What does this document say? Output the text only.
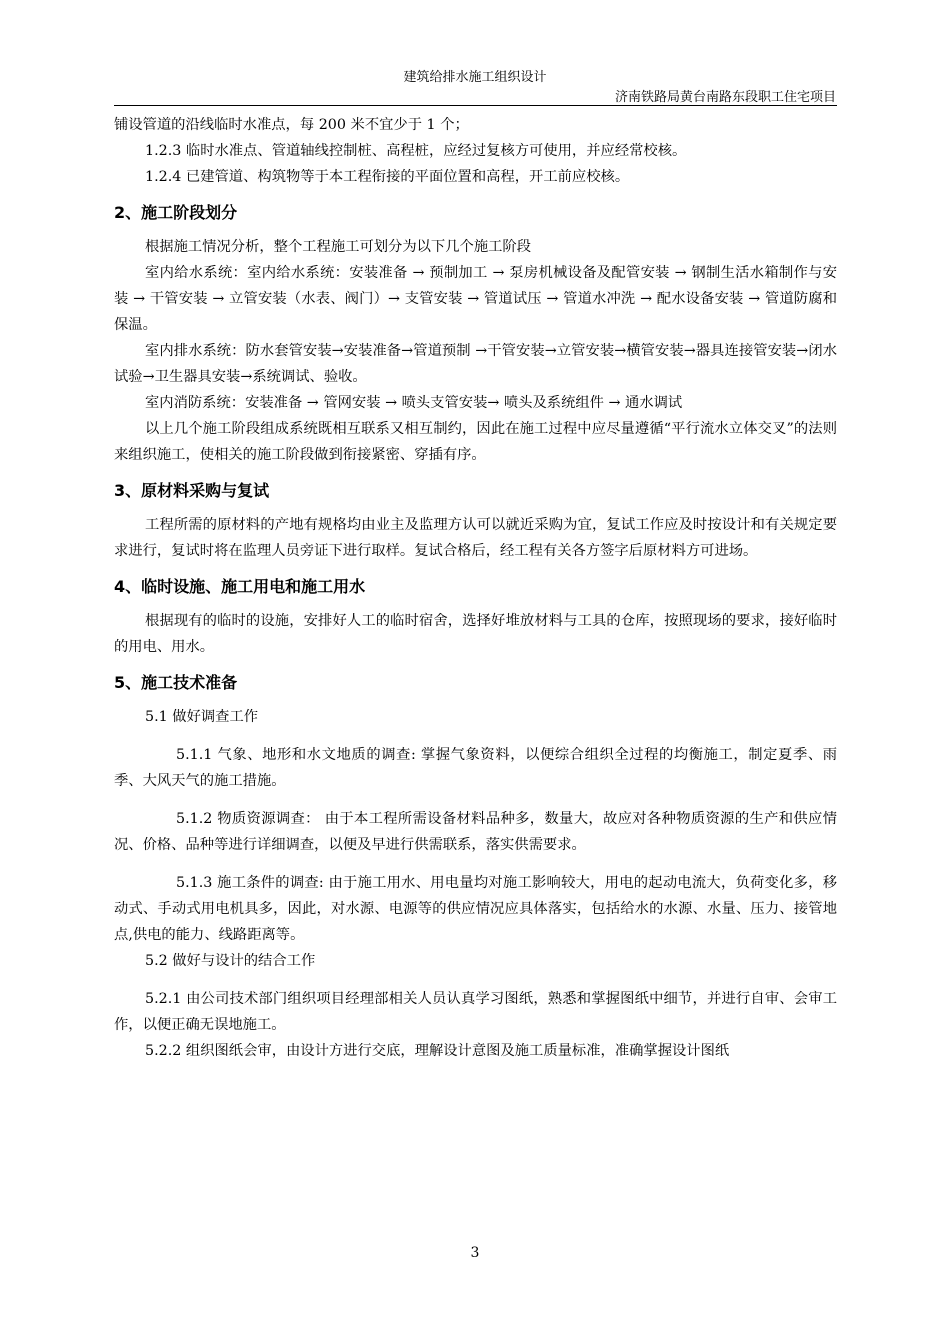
建筑给排水施工组织设计
济南铁路局黄台南路东段职工住宅项目

铺设管道的沿线临时水准点，每 200 米不宜少于 1 个；

1.2.3 临时水准点、管道轴线控制桩、高程桩，应经过复核方可使用，并应经常校核。

1.2.4 已建管道、构筑物等于本工程衔接的平面位置和高程，开工前应校核。

2、施工阶段划分

根据施工情况分析，整个工程施工可划分为以下几个施工阶段

室内给水系统：室内给水系统：安装准备 → 预制加工 → 泵房机械设备及配管安装 → 钢制生活水箱制作与安装 → 干管安装 → 立管安装（水表、阀门）→ 支管安装 → 管道试压 → 管道水冲洗 → 配水设备安装 → 管道防腐和保温。

室内排水系统：防水套管安装→安装准备→管道预制 →干管安装→立管安装→横管安装→器具连接管安装→闭水试验→卫生器具安装→系统调试、验收。

室内消防系统：安装准备 → 管网安装 → 喷头支管安装→ 喷头及系统组件 → 通水调试

以上几个施工阶段组成系统既相互联系又相互制约，因此在施工过程中应尽量遵循“平行流水立体交叉”的法则来组织施工，使相关的施工阶段做到衔接紧密、穿插有序。

3、原材料采购与复试

工程所需的原材料的产地有规格均由业主及监理方认可以就近采购为宜，复试工作应及时按设计和有关规定要求进行，复试时将在监理人员旁证下进行取样。复试合格后，经工程有关各方签字后原材料方可进场。

4、临时设施、施工用电和施工用水

根据现有的临时的设施，安排好人工的临时宿舍，选择好堆放材料与工具的仓库，按照现场的要求，接好临时的用电、用水。

5、施工技术准备

5.1 做好调查工作

5.1.1 气象、地形和水文地质的调查: 掌握气象资料，以便综合组织全过程的均衡施工，制定夏季、雨季、大风天气的施工措施。

5.1.2 物质资源调查： 由于本工程所需设备材料品种多，数量大，故应对各种物质资源的生产和供应情况、价格、品种等进行详细调查，以便及早进行供需联系，落实供需要求。

5.1.3 施工条件的调查: 由于施工用水、用电量均对施工影响较大，用电的起动电流大，负荷变化多，移动式、手动式用电机具多，因此，对水源、电源等的供应情况应具体落实，包括给水的水源、水量、压力、接管地点,供电的能力、线路距离等。

5.2 做好与设计的结合工作

5.2.1 由公司技术部门组织项目经理部相关人员认真学习图纸，熟悉和掌握图纸中细节，并进行自审、会审工作，以便正确无误地施工。

5.2.2 组织图纸会审，由设计方进行交底，理解设计意图及施工质量标准，准确掌握设计图纸

3
